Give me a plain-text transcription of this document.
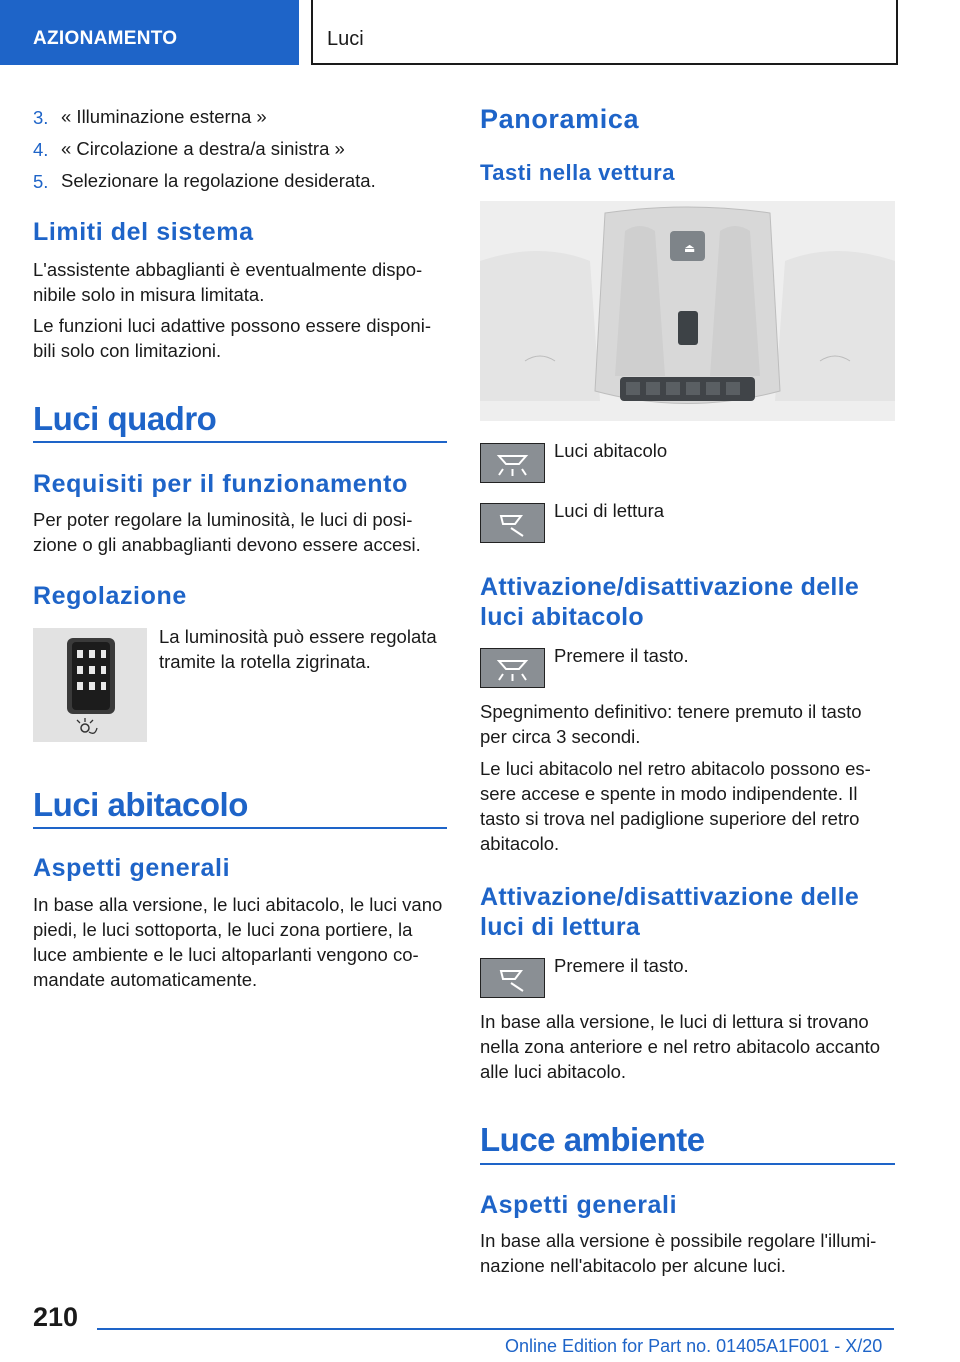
AZIONAMENTO	Luci
3. « Illuminazione esterna »
4. « Circolazione a destra/a sinistra »
5. Selezionare la regolazione desiderata.
Limiti del sistema
L'assistente abbaglianti è eventualmente dispo-
nibile solo in misura limitata.
Le funzioni luci adattive possono essere disponi-
bili solo con limitazioni.
Luci quadro
Requisiti per il funzionamento
Per poter regolare la luminosità, le luci di posi-
zione o gli anabbaglianti devono essere accesi.
Regolazione
La luminosità può essere regolata
tramite la rotella zigrinata.
Luci abitacolo
Aspetti generali
In base alla versione, le luci abitacolo, le luci vano
piedi, le luci sottoporta, le luci zona portiere, la
luce ambiente e le luci altoparlanti vengono co-
mandate automaticamente.
Panoramica
Tasti nella vettura
⏏
Luci abitacolo
Luci di lettura
Attivazione/disattivazione delle
luci abitacolo
Premere il tasto.
Spegnimento definitivo: tenere premuto il tasto
per circa 3 secondi.
Le luci abitacolo nel retro abitacolo possono es-
sere accese e spente in modo indipendente. Il
tasto si trova nel padiglione superiore del retro
abitacolo.
Attivazione/disattivazione delle
luci di lettura
Premere il tasto.
In base alla versione, le luci di lettura si trovano
nella zona anteriore e nel retro abitacolo accanto
alle luci abitacolo.
Luce ambiente
Aspetti generali
In base alla versione è possibile regolare l'illumi-
nazione nell'abitacolo per alcune luci.
210
Online Edition for Part no. 01405A1F001 - X/20
